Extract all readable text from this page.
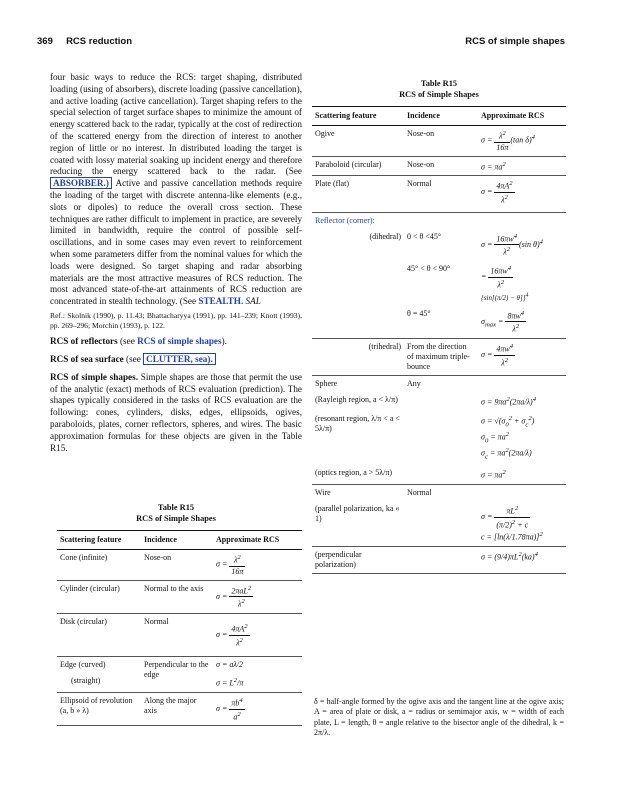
369 RCS reduction	RCS of simple shapes

four basic ways to reduce the RCS: target shaping, distributed loading (using of absorbers), discrete loading (passive cancellation), and active loading (active cancellation). Target shaping refers to the special selection of target surface shapes to minimize the amount of energy scattered back to the radar, typically at the cost of redirection of the scattered energy from the direction of interest to another region of little or no interest. In distributed loading the target is coated with lossy material soaking up incident energy and therefore reducing the energy scattered back to the radar. (See ABSORBER.) Active and passive cancellation methods require the loading of the target with discrete antenna-like elements (e.g., slots or dipoles) to reduce the overall cross section. These techniques are rather difficult to implement in practice, are severely limited in bandwidth, require the control of possible self-oscillations, and in some cases may even revert to reinforcement when some parameters differ from the nominal values for which the loads were designed. So target shaping and radar absorbing materials are the most attractive measures of RCS reduction. The most advanced state-of-the-art attainments of RCS reduction are concentrated in stealth technology. (See STEALTH. SAL

Ref.: Skolnik (1990), p. 11.43; Bhattacharyya (1991), pp. 141–239; Knott (1993), pp. 269–296; Morchin (1993), p. 122.

RCS of reflectors (see RCS of simple shapes).

RCS of sea surface (see CLUTTER, sea).

RCS of simple shapes. Simple shapes are those that permit the use of the analytic (exact) methods of RCS evaluation (prediction). The shapes typically considered in the tasks of RCS evaluation are the following: cones, cylinders, disks, edges, ellipsoids, ogives, paraboloids, plates, corner reflectors, spheres, and wires. The basic approximation formulas for these objects are given in the Table R15.

Table R15
RCS of Simple Shapes
Scattering feature	Incidence	Approximate RCS
Cone (infinite)	Nose-on	$\sigma = \frac{\lambda^2}{16\pi}$

Cylinder (circular)	Normal to the axis	$\sigma = \frac{2\pi aL^2}{\lambda^2}$

Disk (circular)	Normal	$\sigma = \frac{4\pi A^2}{\lambda^2}$

Edge (curved)	Perpendicular to the edge	σ = aλ/2
(straight)		$\sigma = L^2/\pi$
Ellipsoid of revolution (a, b » λ)	Along the major axis	$\sigma = \frac{\pi b^4}{a^2}$
Table R15
RCS of Simple Shapes
Scattering feature	Incidence	Approximate RCS
Ogive	Nose-on	$\sigma = \frac{\lambda^2}{16\pi} (\tan$ δ)$^4$
Paraboloid (circular)	Nose-on	$\sigma = \pi a^2$
Plate (flat)	Normal	$\sigma = \frac{4\pi A^2}{\lambda^2}$

Reflector (corner):		
(dihedral)	0 < θ <45°	$\sigma = \frac{16\pi w^4}{\lambda^2} (\sin$ θ)$^4$
	45° < θ < 90°	= $\frac{16\pi w^4}{\lambda^2}$

$\{\sin[(\pi/2) - \theta]\}^4$
	θ = 45°	$\sigma_{max} = \frac{8\pi w^4}{\lambda^2}$

(trihedral)	From the direction of maximum triple-bounce	$\sigma = \frac{4\pi w^4}{\lambda^2}$

Sphere	Any	
(Rayleigh region, a < λ/π)		$\sigma = 9\pi a^2(2\pi a/\lambda)^4$
(resonant region, λ/π < a < 5λ/π)		$\sigma = √(\sigma_0^2 + \sigma_c^2)$
$\sigma_0 = \pi a^2$
$\sigma_c = \pi a^2(2\pi a/\lambda)$
(optics region, a > 5λ/π)		$\sigma = \pi a^2$
Wire	Normal	
(parallel polarization, ka « 1)		$\sigma = \frac{\pi L^2}{(\pi/2)^2 + c}$

$c = [\ln(\lambda/1.78\pi a)]^2$
(perpendicular polarization)		$\sigma = (9/4)\pi L^2(ka)^4$
δ = half-angle formed by the ogive axis and the tangent line at the ogive axis; A = area of plate or disk, a = radius or semimajor axis, w = width of each plate, L = length, θ = angle relative to the bisector angle of the dihedral, k = 2π/λ.
